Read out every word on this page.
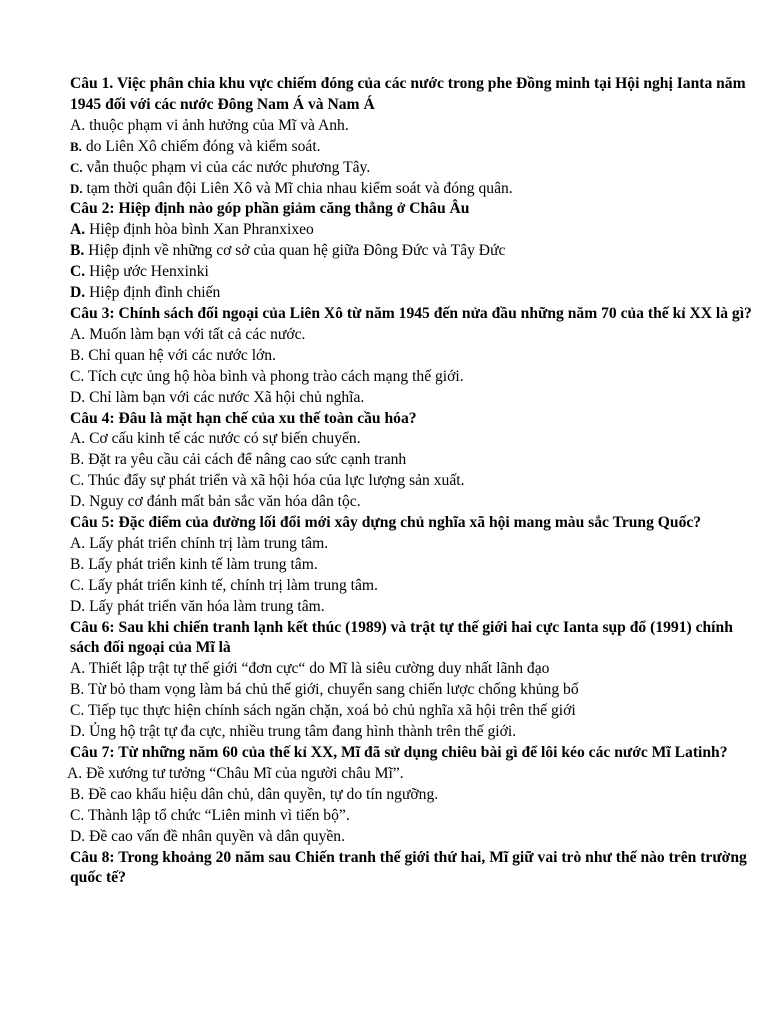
Câu 1. Việc phân chia khu vực chiếm đóng của các nước trong phe Đồng minh tại Hội nghị Ianta năm 1945 đối với các nước Đông Nam Á và Nam Á
A. thuộc phạm vi ảnh hưởng của Mĩ và Anh.
B. do Liên Xô chiếm đóng và kiểm soát.
C. vẫn thuộc phạm vi của các nước phương Tây.
D. tạm thời quân đội Liên Xô và Mĩ chia nhau kiểm soát và đóng quân.
Câu 2: Hiệp định nào góp phần giảm căng thẳng ở Châu Âu
A. Hiệp định hòa bình Xan Phranxixeo
B. Hiệp định về những cơ sở của quan hệ giữa Đông Đức và Tây Đức
C. Hiệp ước Henxinki
D. Hiệp định đình chiến
Câu 3: Chính sách đối ngoại của Liên Xô từ năm 1945 đến nửa đầu những năm 70 của thế kỉ XX là gì?
A. Muốn làm bạn với tất cả các nước.
B. Chỉ quan hệ với các nước lớn.
C. Tích cực ủng hộ hòa bình và phong trào cách mạng thế giới.
D. Chỉ làm bạn với các nước Xã hội chủ nghĩa.
Câu 4: Đâu là mặt hạn chế của xu thế toàn cầu hóa?
A. Cơ cấu kinh tế các nước có sự biến chuyển.
B. Đặt ra yêu cầu cải cách để nâng cao sức cạnh tranh
C. Thúc đẩy sự phát triển và xã hội hóa của lực lượng sản xuất.
D. Nguy cơ đánh mất bản sắc văn hóa dân tộc.
Câu 5: Đặc điểm của đường lối đổi mới xây dựng chủ nghĩa xã hội mang màu sắc Trung Quốc?
A. Lấy phát triển chính trị làm trung tâm.
B. Lấy phát triển kinh tế làm trung tâm.
C. Lấy phát triển kinh tế, chính trị làm trung tâm.
D. Lấy phát triển văn hóa làm trung tâm.
Câu 6: Sau khi chiến tranh lạnh kết thúc (1989) và trật tự thế giới hai cực Ianta sụp đổ (1991) chính sách đối ngoại của Mĩ là
A. Thiết lập trật tự thế giới “đơn cực“ do Mĩ là siêu cường duy nhất lãnh đạo
B. Từ bỏ tham vọng làm bá chủ thế giới, chuyển sang chiến lược chống khủng bố
C. Tiếp tục thực hiện chính sách ngăn chặn, xoá bỏ chủ nghĩa xã hội trên thế giới
D. Ủng hộ trật tự đa cực, nhiều trung tâm đang hình thành trên thế giới.
Câu 7: Từ những năm 60 của thế kỉ XX, Mĩ đã sử dụng chiêu bài gì để lôi kéo các nước Mĩ Latinh?
A. Đề xướng tư tưởng “Châu Mĩ của người châu Mĩ”.
B. Đề cao khẩu hiệu dân chủ, dân quyền, tự do tín ngưỡng.
C. Thành lập tổ chức “Liên minh vì tiến bộ”.
D. Đề cao vấn đề nhân quyền và dân quyền.
Câu 8: Trong khoảng 20 năm sau Chiến tranh thế giới thứ hai, Mĩ giữ vai trò như thế nào trên trường quốc tế?
